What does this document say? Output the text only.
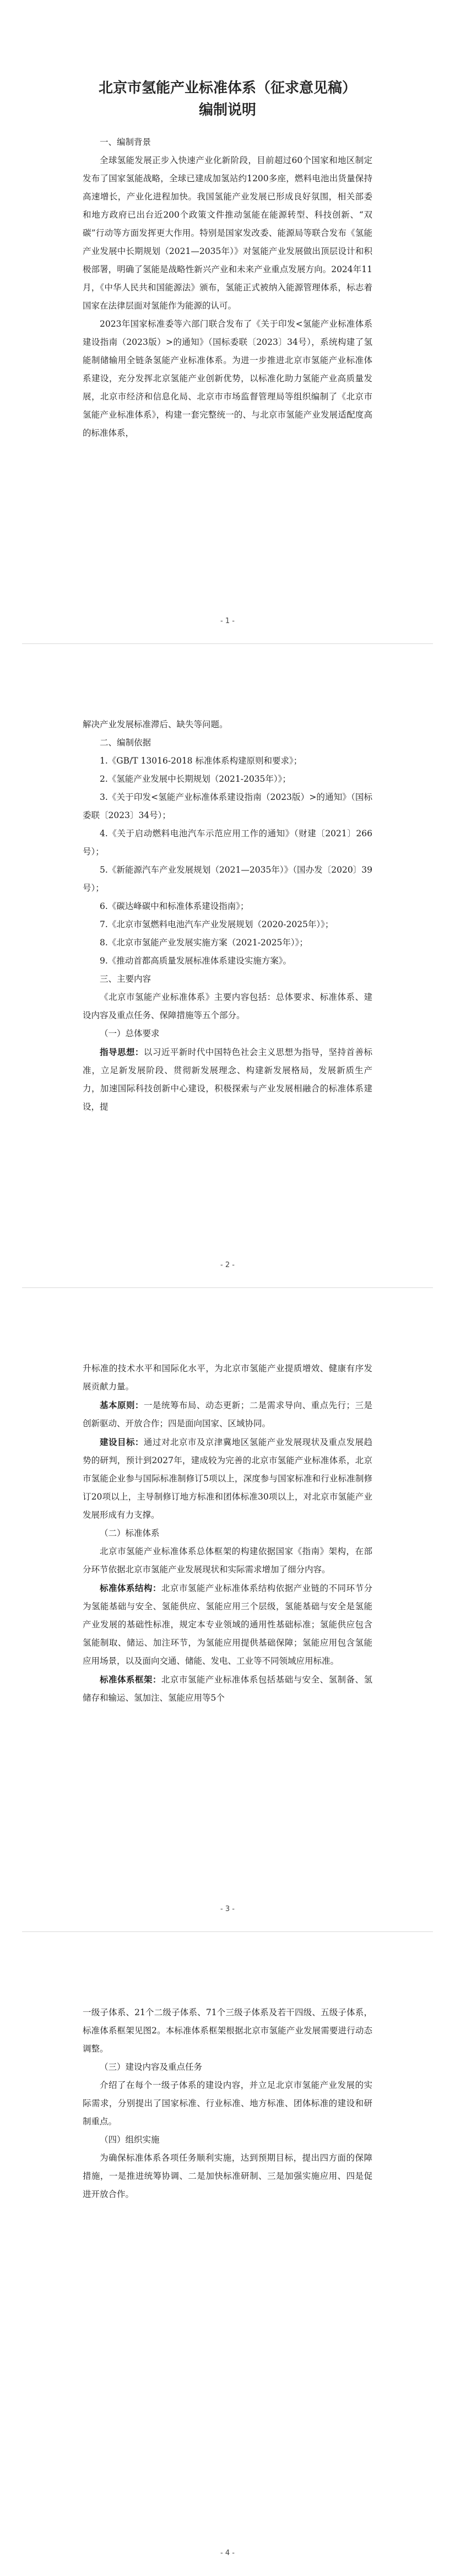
北京市氢能产业标准体系（征求意见稿）

编制说明

一、编制背景

全球氢能发展正步入快速产业化新阶段，目前超过60个国家和地区制定发布了国家氢能战略，全球已建成加氢站约1200多座，燃料电池出货量保持高速增长，产业化进程加快。我国氢能产业发展已形成良好氛围，相关部委和地方政府已出台近200个政策文件推动氢能在能源转型、科技创新、“双碳”行动等方面发挥更大作用。特别是国家发改委、能源局等联合发布《氢能产业发展中长期规划（2021—2035年）》对氢能产业发展做出顶层设计和积极部署，明确了氢能是战略性新兴产业和未来产业重点发展方向。2024年11月，《中华人民共和国能源法》颁布，氢能正式被纳入能源管理体系，标志着国家在法律层面对氢能作为能源的认可。

2023年国家标准委等六部门联合发布了《关于印发<氢能产业标准体系建设指南（2023版）>的通知》（国标委联〔2023〕34号），系统构建了氢能制储输用全链条氢能产业标准体系。为进一步推进北京市氢能产业标准体系建设，充分发挥北京氢能产业创新优势，以标准化助力氢能产业高质量发展，北京市经济和信息化局、北京市市场监督管理局等组织编制了《北京市氢能产业标准体系》，构建一套完整统一的、与北京市氢能产业发展适配度高的标准体系，

- 1 -

解决产业发展标准滞后、缺失等问题。

二、编制依据

1.《GB/T 13016-2018 标准体系构建原则和要求》；

2.《氢能产业发展中长期规划（2021-2035年）》；

3.《关于印发<氢能产业标准体系建设指南（2023版）>的通知》（国标委联〔2023〕34号）；

4.《关于启动燃料电池汽车示范应用工作的通知》（财建〔2021〕266号）；

5.《新能源汽车产业发展规划（2021—2035年）》（国办发〔2020〕39号）；

6.《碳达峰碳中和标准体系建设指南》；

7.《北京市氢燃料电池汽车产业发展规划（2020-2025年）》；

8.《北京市氢能产业发展实施方案（2021-2025年）》；

9.《推动首都高质量发展标准体系建设实施方案》。

三、主要内容

《北京市氢能产业标准体系》主要内容包括：总体要求、标准体系、建设内容及重点任务、保障措施等五个部分。

（一）总体要求

指导思想：以习近平新时代中国特色社会主义思想为指导，坚持首善标准，立足新发展阶段、贯彻新发展理念、构建新发展格局，发展新质生产力，加速国际科技创新中心建设，积极探索与产业发展相融合的标准体系建设，提

- 2 -

升标准的技术水平和国际化水平，为北京市氢能产业提质增效、健康有序发展贡献力量。

基本原则：一是统筹布局、动态更新；二是需求导向、重点先行；三是创新驱动、开放合作；四是面向国家、区域协同。

建设目标：通过对北京市及京津冀地区氢能产业发展现状及重点发展趋势的研判，预计到2027年，建成较为完善的北京市氢能产业标准体系，北京市氢能企业参与国际标准制修订5项以上，深度参与国家标准和行业标准制修订20项以上，主导制修订地方标准和团体标准30项以上，对北京市氢能产业发展形成有力支撑。

（二）标准体系

北京市氢能产业标准体系总体框架的构建依据国家《指南》架构，在部分环节依据北京市氢能产业发展现状和实际需求增加了细分内容。

标准体系结构：北京市氢能产业标准体系结构依据产业链的不同环节分为氢能基础与安全、氢能供应、氢能应用三个层级，氢能基础与安全是氢能产业发展的基础性标准，规定本专业领域的通用性基础标准；氢能供应包含氢能制取、储运、加注环节，为氢能应用提供基础保障；氢能应用包含氢能应用场景，以及面向交通、储能、发电、工业等不同领域应用标准。

标准体系框架：北京市氢能产业标准体系包括基础与安全、氢制备、氢储存和输运、氢加注、氢能应用等5个

- 3 -

一级子体系、21个二级子体系、71个三级子体系及若干四级、五级子体系，标准体系框架见图2。本标准体系框架根据北京市氢能产业发展需要进行动态调整。

（三）建设内容及重点任务

介绍了在每个一级子体系的建设内容，并立足北京市氢能产业发展的实际需求，分别提出了国家标准、行业标准、地方标准、团体标准的建设和研制重点。

（四）组织实施

为确保标准体系各项任务顺利实施，达到预期目标，提出四方面的保障措施，一是推进统筹协调、二是加快标准研制、三是加强实施应用、四是促进开放合作。

- 4 -
